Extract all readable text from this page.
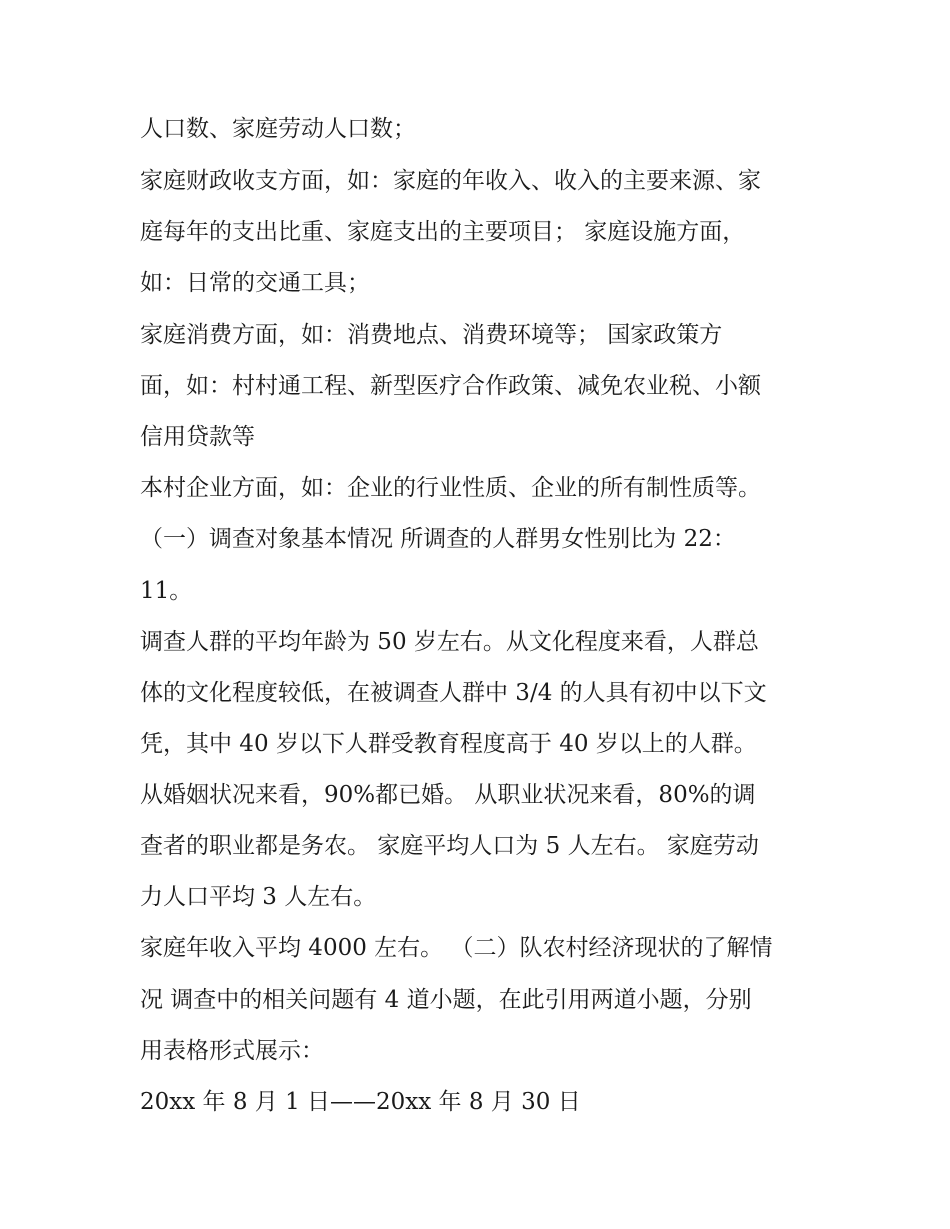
人口数、家庭劳动人口数；
家庭财政收支方面，如：家庭的年收入、收入的主要来源、家
庭每年的支出比重、家庭支出的主要项目； 家庭设施方面，
如：日常的交通工具；
家庭消费方面，如：消费地点、消费环境等； 国家政策方
面，如：村村通工程、新型医疗合作政策、减免农业税、小额
信用贷款等
本村企业方面，如：企业的行业性质、企业的所有制性质等。
（一）调查对象基本情况 所调查的人群男女性别比为 22：
11。
调查人群的平均年龄为 50 岁左右。从文化程度来看，人群总
体的文化程度较低，在被调查人群中 3/4 的人具有初中以下文
凭，其中 40 岁以下人群受教育程度高于 40 岁以上的人群。
从婚姻状况来看，90%都已婚。 从职业状况来看，80%的调
查者的职业都是务农。 家庭平均人口为 5 人左右。 家庭劳动
力人口平均 3 人左右。
家庭年收入平均 4000 左右。 （二）队农村经济现状的了解情
况 调查中的相关问题有 4 道小题，在此引用两道小题，分别
用表格形式展示：
20xx 年 8 月 1 日——20xx 年 8 月 30 日
